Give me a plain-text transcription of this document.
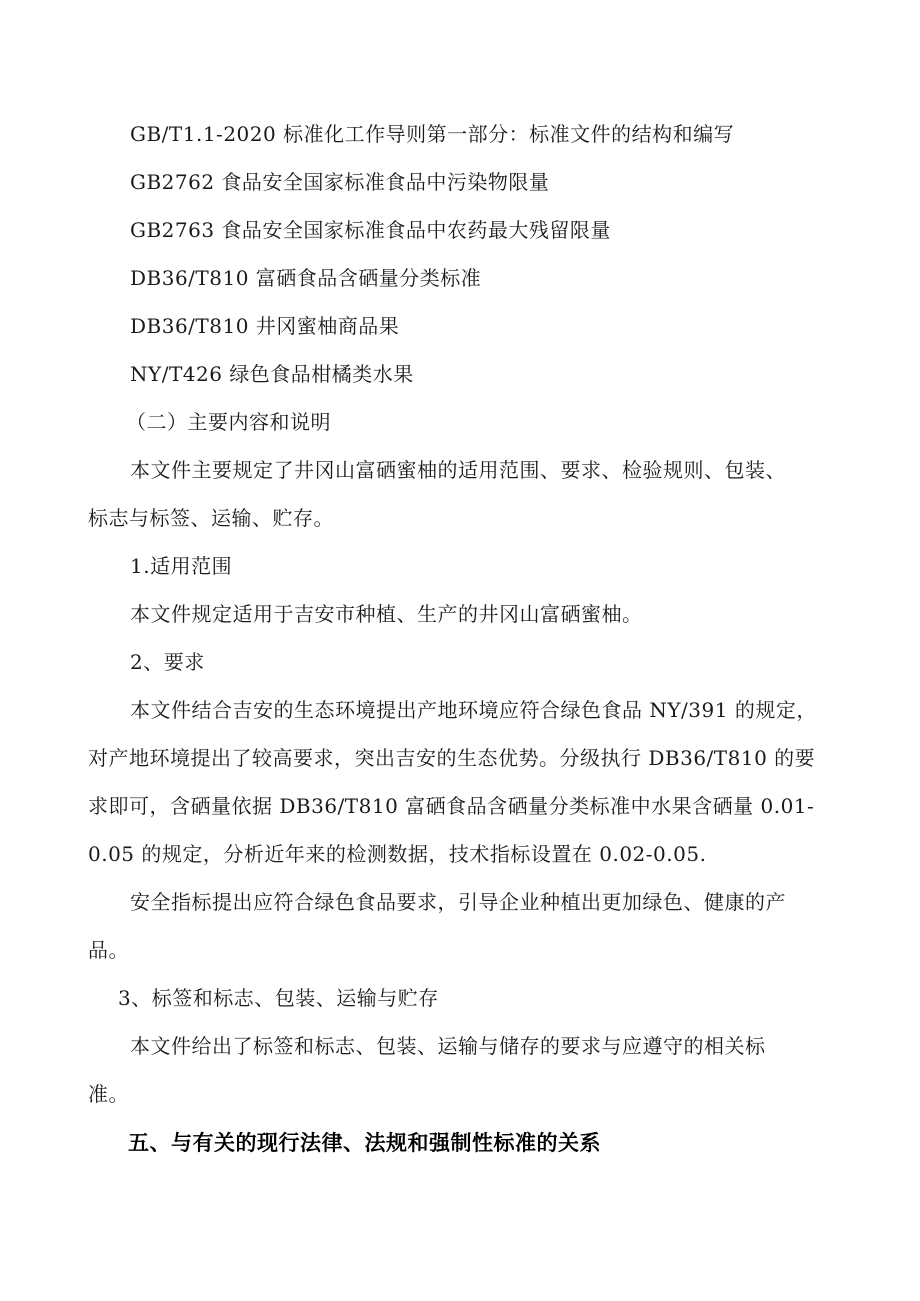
GB/T1.1-2020 标准化工作导则第一部分：标准文件的结构和编写
GB2762 食品安全国家标准食品中污染物限量
GB2763 食品安全国家标准食品中农药最大残留限量
DB36/T810 富硒食品含硒量分类标准
DB36/T810 井冈蜜柚商品果
NY/T426 绿色食品柑橘类水果
（二）主要内容和说明
本文件主要规定了井冈山富硒蜜柚的适用范围、要求、检验规则、包装、
标志与标签、运输、贮存。
1.适用范围
本文件规定适用于吉安市种植、生产的井冈山富硒蜜柚。
2、要求
本文件结合吉安的生态环境提出产地环境应符合绿色食品 NY/391 的规定，
对产地环境提出了较高要求，突出吉安的生态优势。分级执行 DB36/T810 的要
求即可，含硒量依据 DB36/T810 富硒食品含硒量分类标准中水果含硒量 0.01-
0.05 的规定，分析近年来的检测数据，技术指标设置在 0.02-0.05.
安全指标提出应符合绿色食品要求，引导企业种植出更加绿色、健康的产
品。
3、标签和标志、包装、运输与贮存
本文件给出了标签和标志、包装、运输与储存的要求与应遵守的相关标
准。
五、与有关的现行法律、法规和强制性标准的关系
